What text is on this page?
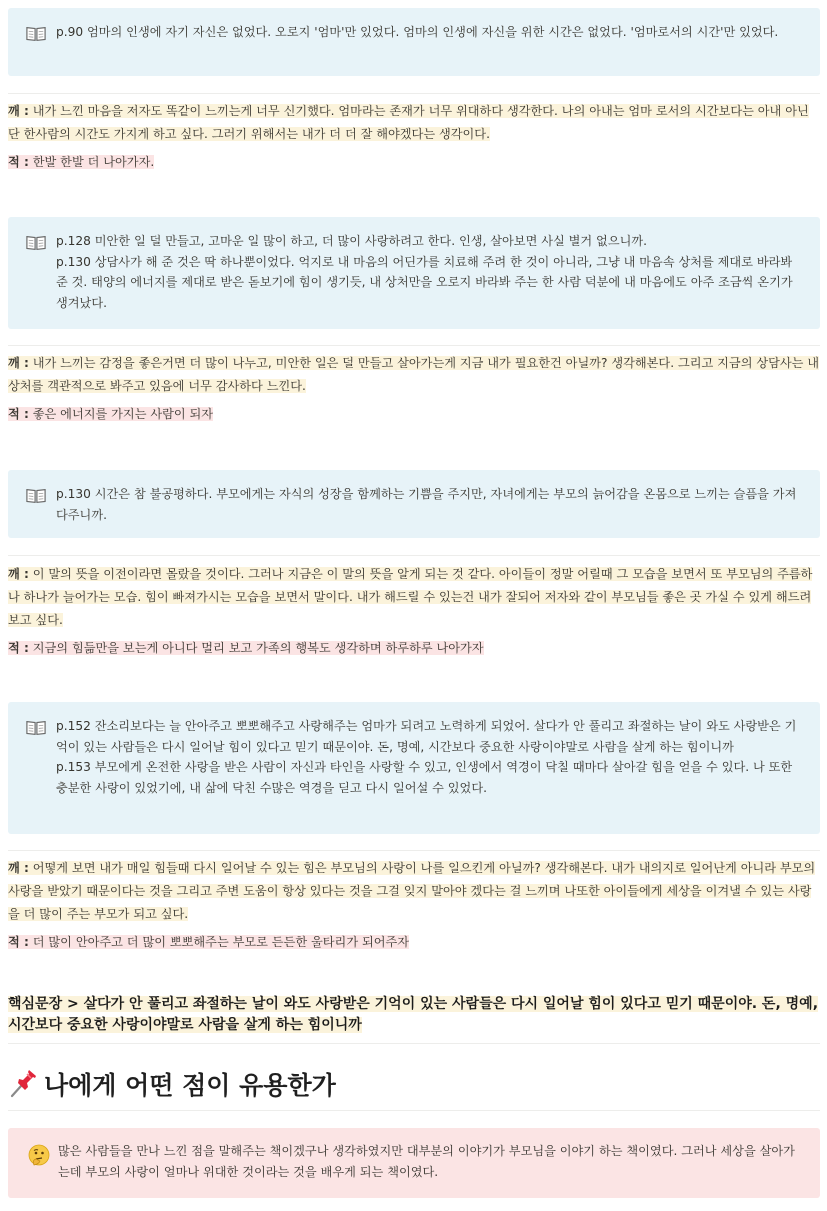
p.90 엄마의 인생에 자기 자신은 없었다. 오로지 '엄마'만 있었다. 엄마의 인생에 자신을 위한 시간은 없었다. '엄마로서의 시간'만 있었다.

깨 : 내가 느낀 마음을 저자도 똑같이 느끼는게 너무 신기했다. 엄마라는 존재가 너무 위대하다 생각한다. 나의 아내는 엄마 로서의 시간보다는 아내 아닌 단 한사람의 시간도 가지게 하고 싶다. 그러기 위해서는 내가 더 더 잘 해야겠다는 생각이다.

적 : 한발 한발 더 나아가자.

p.128 미안한 일 덜 만들고, 고마운 일 많이 하고, 더 많이 사랑하려고 한다. 인생, 살아보면 사실 별거 없으니까.

p.130 상담사가 해 준 것은 딱 하나뿐이었다. 억지로 내 마음의 어딘가를 치료해 주려 한 것이 아니라, 그냥 내 마음속 상처를 제대로 바라봐 준 것. 태양의 에너지를 제대로 받은 돋보기에 힘이 생기듯, 내 상처만을 오로지 바라봐 주는 한 사람 덕분에 내 마음에도 아주 조금씩 온기가 생겨났다.

깨 : 내가 느끼는 감정을 좋은거면 더 많이 나누고, 미안한 일은 덜 만들고 살아가는게 지금 내가 필요한건 아닐까? 생각해본다. 그리고 지금의 상담사는 내 상처를 객관적으로 봐주고 있음에 너무 감사하다 느낀다.

적 : 좋은 에너지를 가지는 사람이 되자

p.130 시간은 참 불공평하다. 부모에게는 자식의 성장을 함께하는 기쁨을 주지만, 자녀에게는 부모의 늙어감을 온몸으로 느끼는 슬픔을 가져다주니까.

깨 : 이 말의 뜻을 이전이라면 몰랐을 것이다. 그러나 지금은 이 말의 뜻을 알게 되는 것 같다. 아이들이 정말 어릴때 그 모습을 보면서 또 부모님의 주름하나 하나가 늘어가는 모습. 힘이 빠져가시는 모습을 보면서 말이다. 내가 해드릴 수 있는건 내가 잘되어 저자와 같이 부모님들 좋은 곳 가실 수 있게 해드려보고 싶다.

적 : 지금의 힘듦만을 보는게 아니다 멀리 보고 가족의 행복도 생각하며 하루하루 나아가자

p.152 잔소리보다는 늘 안아주고 뽀뽀해주고 사랑해주는 엄마가 되려고 노력하게 되었어. 살다가 안 풀리고 좌절하는 날이 와도 사랑받은 기억이 있는 사람들은 다시 일어날 힘이 있다고 믿기 때문이야. 돈, 명예, 시간보다 중요한 사랑이야말로 사람을 살게 하는 힘이니까

p.153 부모에게 온전한 사랑을 받은 사람이 자신과 타인을 사랑할 수 있고, 인생에서 역경이 닥칠 때마다 살아갈 힘을 얻을 수 있다. 나 또한 충분한 사랑이 있었기에, 내 삶에 닥친 수많은 역경을 딛고 다시 일어설 수 있었다.

깨 : 어떻게 보면 내가 매일 힘들때 다시 일어날 수 있는 힘은 부모님의 사랑이 나를 일으킨게 아닐까? 생각해본다. 내가 내의지로 일어난게 아니라 부모의 사랑을 받았기 때문이다는 것을 그리고 주변 도움이 항상 있다는 것을 그걸 잊지 말아야 겠다는 걸 느끼며 나또한 아이들에게 세상을 이겨낼 수 있는 사랑을 더 많이 주는 부모가 되고 싶다.

적 : 더 많이 안아주고 더 많이 뽀뽀해주는 부모로 든든한 울타리가 되어주자

핵심문장 > 살다가 안 풀리고 좌절하는 날이 와도 사랑받은 기억이 있는 사람들은 다시 일어날 힘이 있다고 믿기 때문이야. 돈, 명예, 시간보다 중요한 사랑이야말로 사람을 살게 하는 힘이니까
나에게 어떤 점이 유용한가
많은 사람들을 만나 느낀 점을 말해주는 책이겠구나 생각하였지만 대부분의 이야기가 부모님을 이야기 하는 책이였다. 그러나 세상을 살아가는데 부모의 사랑이 얼마나 위대한 것이라는 것을 배우게 되는 책이였다.
